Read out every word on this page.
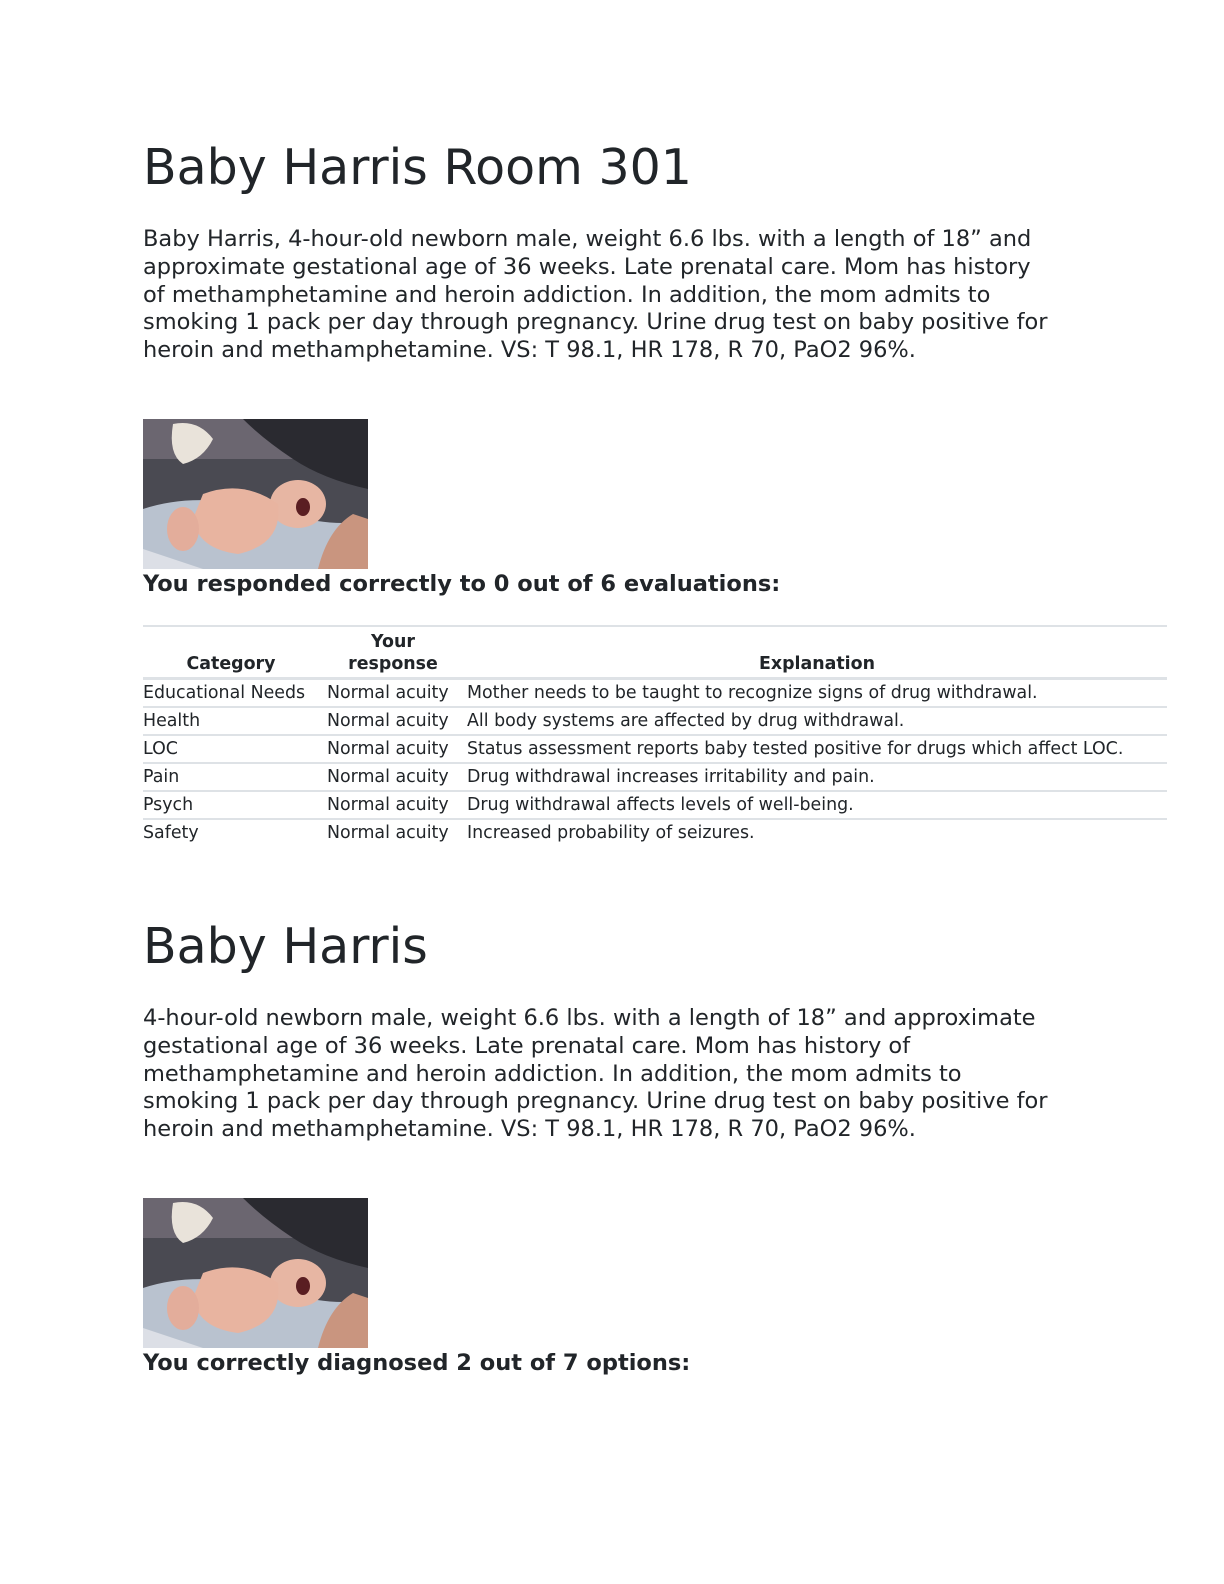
Baby Harris Room 301

Baby Harris, 4-hour-old newborn male, weight 6.6 lbs. with a length of 18” and approximate gestational age of 36 weeks. Late prenatal care. Mom has history of methamphetamine and heroin addiction. In addition, the mom admits to smoking 1 pack per day through pregnancy. Urine drug test on baby positive for heroin and methamphetamine. VS: T 98.1, HR 178, R 70, PaO2 96%.

You responded correctly to 0 out of 6 evaluations:

Category	Your response	Explanation
Educational Needs	Normal acuity	Mother needs to be taught to recognize signs of drug withdrawal.
Health	Normal acuity	All body systems are affected by drug withdrawal.
LOC	Normal acuity	Status assessment reports baby tested positive for drugs which affect LOC.
Pain	Normal acuity	Drug withdrawal increases irritability and pain.
Psych	Normal acuity	Drug withdrawal affects levels of well-being.
Safety	Normal acuity	Increased probability of seizures.
Baby Harris

4-hour-old newborn male, weight 6.6 lbs. with a length of 18” and approximate gestational age of 36 weeks. Late prenatal care. Mom has history of methamphetamine and heroin addiction. In addition, the mom admits to smoking 1 pack per day through pregnancy. Urine drug test on baby positive for heroin and methamphetamine. VS: T 98.1, HR 178, R 70, PaO2 96%.

You correctly diagnosed 2 out of 7 options:
